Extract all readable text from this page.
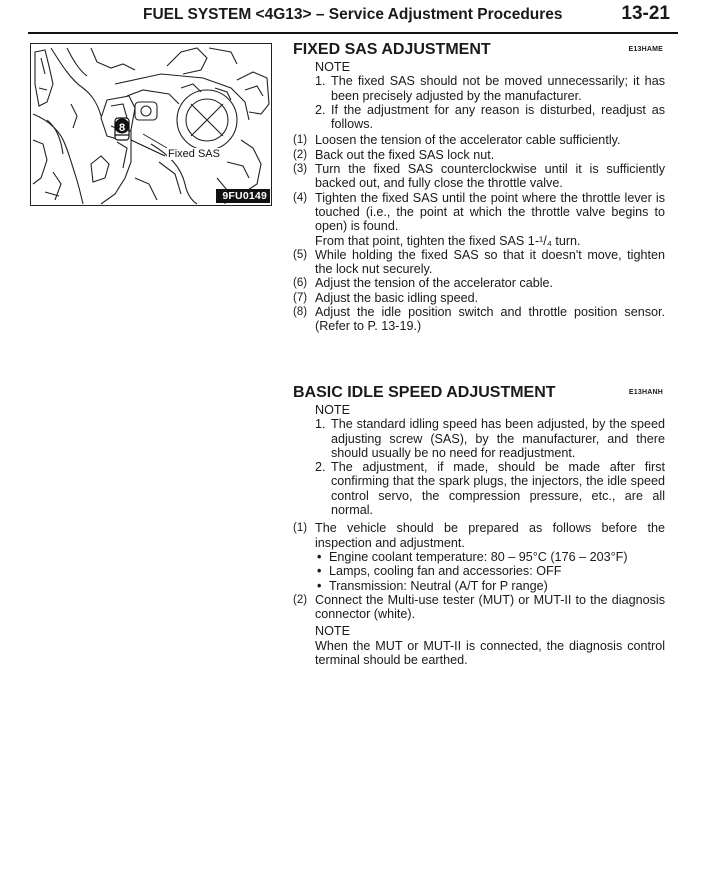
FUEL SYSTEM <4G13> – Service Adjustment Procedures	13-21
8
Fixed SAS
9FU0149
FIXED SAS ADJUSTMENT	E13HAME
NOTE
1. The fixed SAS should not be moved unnecessarily; it has been precisely adjusted by the manufacturer.
2. If the adjustment for any reason is disturbed, readjust as follows.
(1) Loosen the tension of the accelerator cable sufficiently.
(2) Back out the fixed SAS lock nut.
(3) Turn the fixed SAS counterclockwise until it is sufficiently backed out, and fully close the throttle valve.
(4) Tighten the fixed SAS until the point where the throttle lever is touched (i.e., the point at which the throttle valve begins to open) is found.
From that point, tighten the fixed SAS 1-¹/₄ turn.
(5) While holding the fixed SAS so that it doesn't move, tighten the lock nut securely.
(6) Adjust the tension of the accelerator cable.
(7) Adjust the basic idling speed.
(8) Adjust the idle position switch and throttle position sensor. (Refer to P. 13-19.)
BASIC IDLE SPEED ADJUSTMENT	E13HANH
NOTE
1. The standard idling speed has been adjusted, by the speed adjusting screw (SAS), by the manufacturer, and there should usually be no need for readjustment.
2. The adjustment, if made, should be made after first confirming that the spark plugs, the injectors, the idle speed control servo, the compression pressure, etc., are all normal.
(1) The vehicle should be prepared as follows before the inspection and adjustment.
• Engine coolant temperature: 80 – 95°C (176 – 203°F)
• Lamps, cooling fan and accessories: OFF
• Transmission: Neutral (A/T for P range)
(2) Connect the Multi-use tester (MUT) or MUT-II to the diagnosis connector (white).
NOTE
When the MUT or MUT-II is connected, the diagnosis control terminal should be earthed.
